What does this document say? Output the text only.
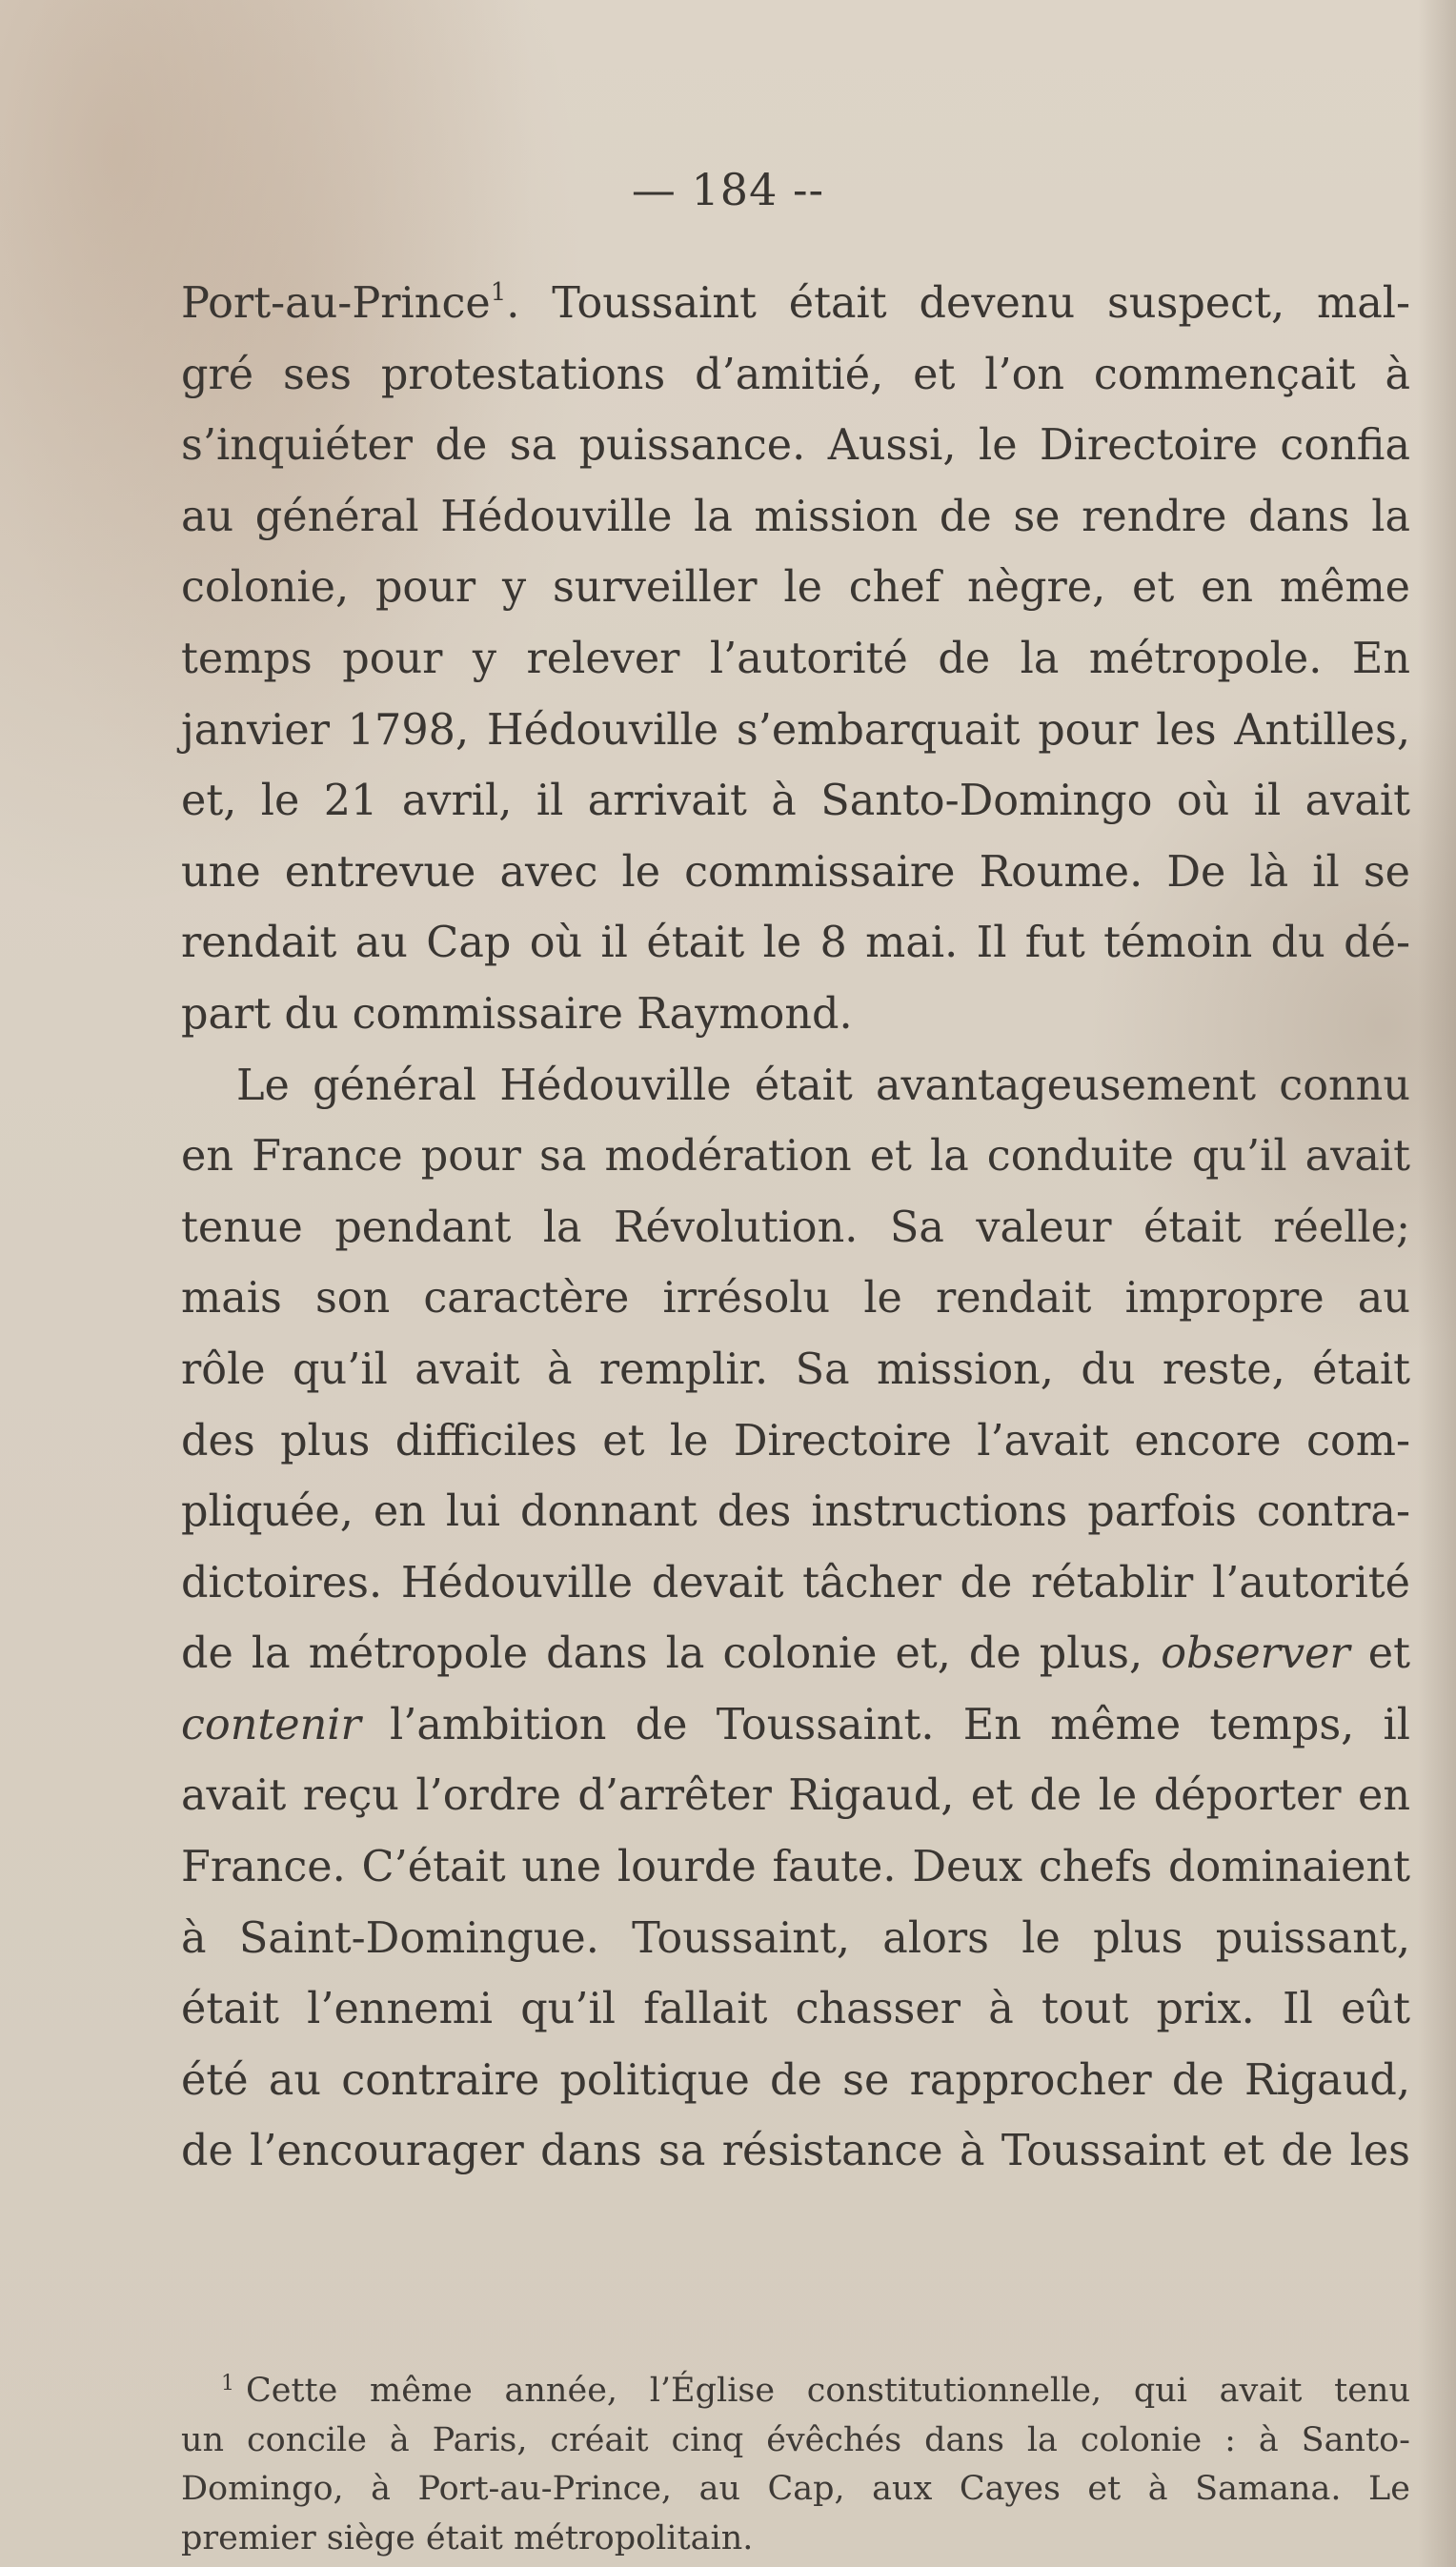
— 184 --
Port-au-Prince$^1$. Toussaint était devenu suspect, mal-
gré ses protestations d’amitié, et l’on commençait à
s’inquiéter de sa puissance. Aussi, le Directoire confia
au général Hédouville la mission de se rendre dans la
colonie, pour y surveiller le chef nègre, et en même
temps pour y relever l’autorité de la métropole. En
janvier 1798, Hédouville s’embarquait pour les Antilles,
et, le 21 avril, il arrivait à Santo-Domingo où il avait
une entrevue avec le commissaire Roume. De là il se
rendait au Cap où il était le 8 mai. Il fut témoin du dé-
part du commissaire Raymond.
Le général Hédouville était avantageusement connu
en France pour sa modération et la conduite qu’il avait
tenue pendant la Révolution. Sa valeur était réelle;
mais son caractère irrésolu le rendait impropre au
rôle qu’il avait à remplir. Sa mission, du reste, était
des plus difficiles et le Directoire l’avait encore com-
pliquée, en lui donnant des instructions parfois contra-
dictoires. Hédouville devait tâcher de rétablir l’autorité
de la métropole dans la colonie et, de plus, observer et
contenir l’ambition de Toussaint. En même temps, il
avait reçu l’ordre d’arrêter Rigaud, et de le déporter en
France. C’était une lourde faute. Deux chefs dominaient
à Saint-Domingue. Toussaint, alors le plus puissant,
était l’ennemi qu’il fallait chasser à tout prix. Il eût
été au contraire politique de se rapprocher de Rigaud,
de l’encourager dans sa résistance à Toussaint et de les
$^1$ Cette même année, l’Église constitutionnelle, qui avait tenu
un concile à Paris, créait cinq évêchés dans la colonie : à Santo-
Domingo, à Port-au-Prince, au Cap, aux Cayes et à Samana. Le
premier siège était métropolitain.
